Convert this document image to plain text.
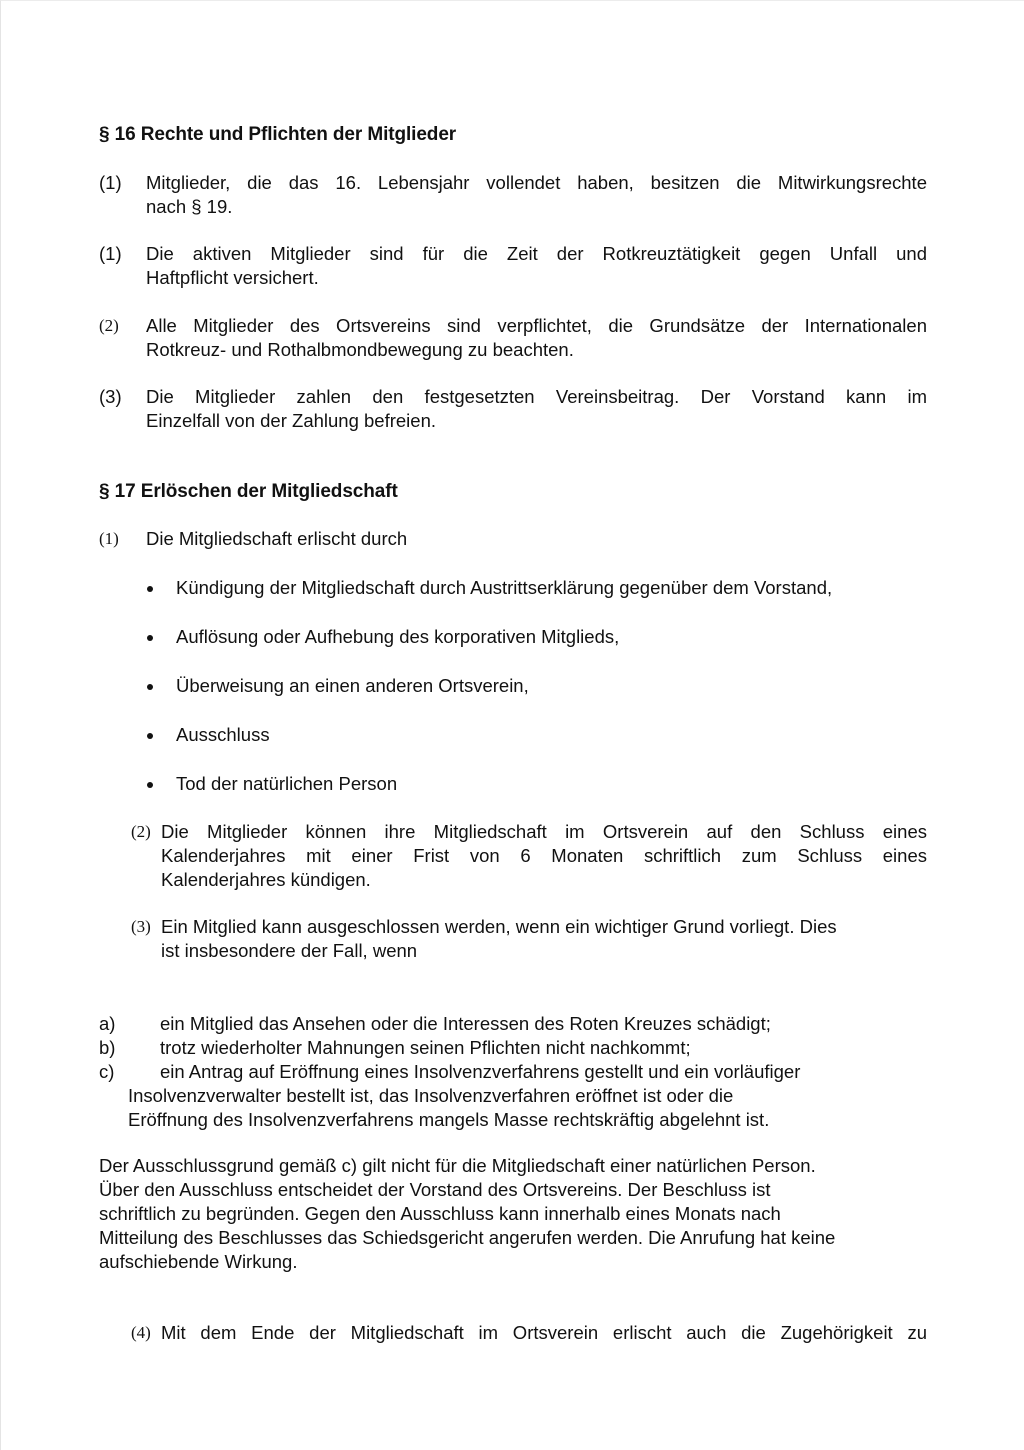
§ 16 Rechte und Pflichten der Mitglieder
(1) Mitglieder, die das 16. Lebensjahr vollendet haben, besitzen die Mitwirkungsrechte
nach § 19.
(1) Die aktiven Mitglieder sind für die Zeit der Rotkreuztätigkeit gegen Unfall und
Haftpflicht versichert.
(2) Alle Mitglieder des Ortsvereins sind verpflichtet, die Grundsätze der Internationalen
Rotkreuz- und Rothalbmondbewegung zu beachten.
(3) Die Mitglieder zahlen den festgesetzten Vereinsbeitrag. Der Vorstand kann im
Einzelfall von der Zahlung befreien.
§ 17 Erlöschen der Mitgliedschaft
(1) Die Mitgliedschaft erlischt durch
Kündigung der Mitgliedschaft durch Austrittserklärung gegenüber dem Vorstand,
Auflösung oder Aufhebung des korporativen Mitglieds,
Überweisung an einen anderen Ortsverein,
Ausschluss
Tod der natürlichen Person
(2) Die Mitglieder können ihre Mitgliedschaft im Ortsverein auf den Schluss eines
Kalenderjahres mit einer Frist von 6 Monaten schriftlich zum Schluss eines
Kalenderjahres kündigen.
(3) Ein Mitglied kann ausgeschlossen werden, wenn ein wichtiger Grund vorliegt. Dies
ist insbesondere der Fall, wenn
a) ein Mitglied das Ansehen oder die Interessen des Roten Kreuzes schädigt;
b) trotz wiederholter Mahnungen seinen Pflichten nicht nachkommt;
c) ein Antrag auf Eröffnung eines Insolvenzverfahrens gestellt und ein vorläufiger
Insolvenzverwalter bestellt ist, das Insolvenzverfahren eröffnet ist oder die
Eröffnung des Insolvenzverfahrens mangels Masse rechtskräftig abgelehnt ist.
Der Ausschlussgrund gemäß c) gilt nicht für die Mitgliedschaft einer natürlichen Person.
Über den Ausschluss entscheidet der Vorstand des Ortsvereins. Der Beschluss ist
schriftlich zu begründen. Gegen den Ausschluss kann innerhalb eines Monats nach
Mitteilung des Beschlusses das Schiedsgericht angerufen werden. Die Anrufung hat keine
aufschiebende Wirkung.
(4) Mit dem Ende der Mitgliedschaft im Ortsverein erlischt auch die Zugehörigkeit zu
